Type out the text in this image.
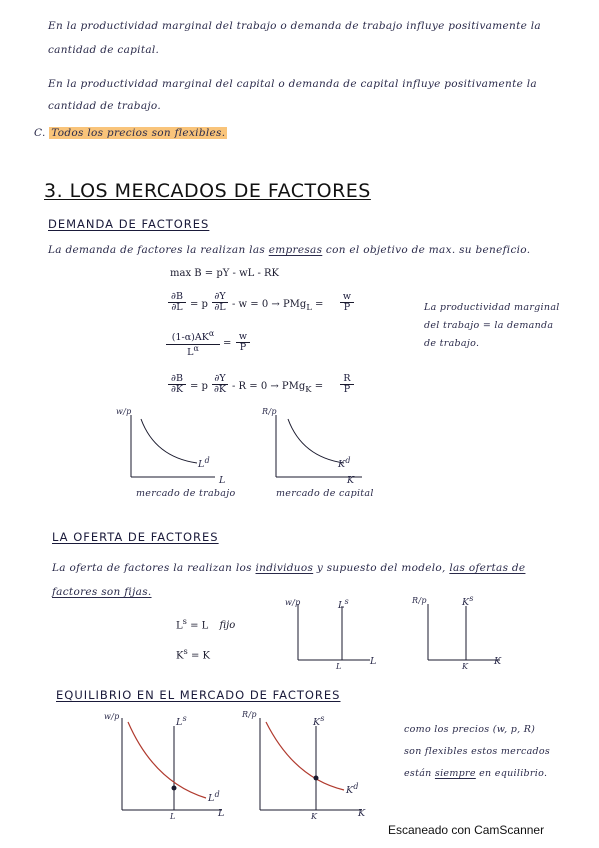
En la productividad marginal del trabajo o demanda de trabajo influye positivamente la
cantidad de capital.
En la productividad marginal del capital o demanda de capital influye positivamente la
cantidad de trabajo.
C. Todos los precios son flexibles.
3. LOS MERCADOS DE FACTORES
DEMANDA DE FACTORES
La demanda de factores la realizan las empresas con el objetivo de max. su beneficio.
max B = pY - wL - RK
$\frac{\partial B}{\partial L} = p \frac{\partial Y}{\partial L} - w = 0 \to PMg_L = \frac{w}{P}$
$(1-\alpha)AK^\alpha$
$L^\alpha$	= $\frac{w}{P}$
$\frac{\partial B}{\partial K} = p \frac{\partial Y}{\partial K} - R = 0 \to PMg_K = \frac{R}{P}$
La productividad marginal
del trabajo = la demanda
de trabajo.
w/p
$L^d$
L
mercado de trabajo
R/p
$K^d$
K
mercado de capital
LA OFERTA DE FACTORES
La oferta de factores la realizan los individuos y supuesto del modelo, las ofertas de
factores son fijas.
$L^s = L$ fijo
$K^s = K$
w/p	$L^s$
L	L
R/p	$K^s$
K	K
EQUILIBRIO EN EL MERCADO DE FACTORES
w/p
$L^s$
$L^d$
L	L
R/p
$K^s$
$K^d$
K	K
como los precios (w, p, R)
son flexibles estos mercados
están siempre en equilibrio.
Escaneado con CamScanner
